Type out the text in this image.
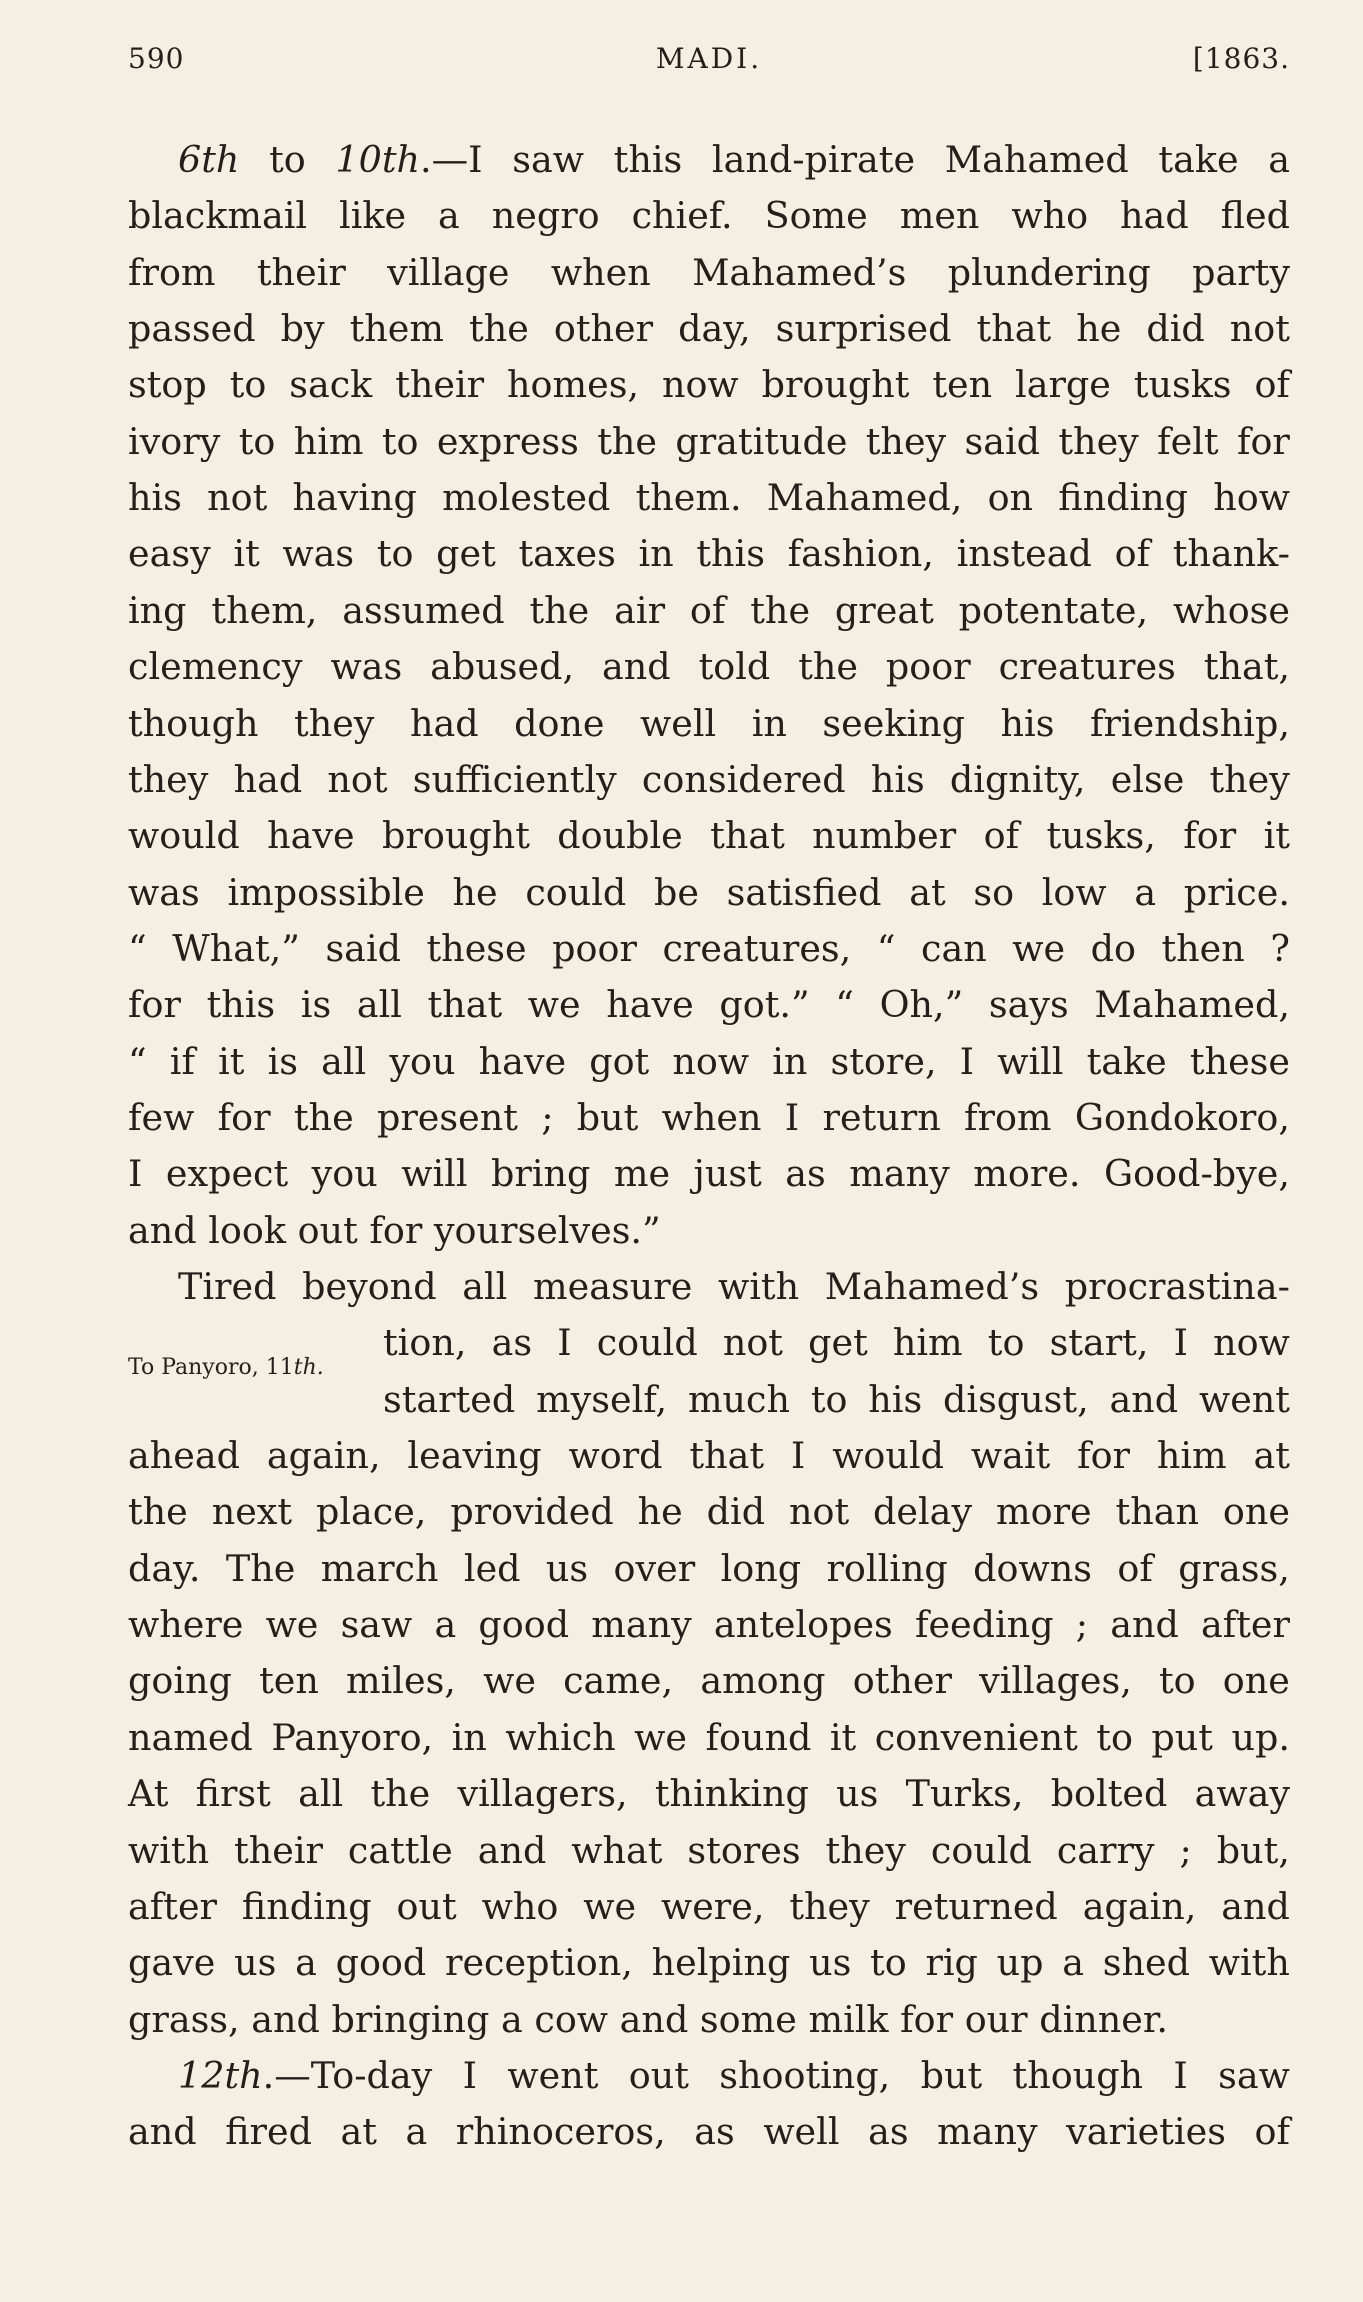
590	MADI.	[1863.
To Panyoro, 11th.
6th to 10th.—I saw this land-pirate Mahamed take a
blackmail like a negro chief. Some men who had fled
from their village when Mahamed’s plundering party
passed by them the other day, surprised that he did not
stop to sack their homes, now brought ten large tusks of
ivory to him to express the gratitude they said they felt for
his not having molested them. Mahamed, on finding how
easy it was to get taxes in this fashion, instead of thank-
ing them, assumed the air of the great potentate, whose
clemency was abused, and told the poor creatures that,
though they had done well in seeking his friendship,
they had not sufficiently considered his dignity, else they
would have brought double that number of tusks, for it
was impossible he could be satisfied at so low a price.
“ What,” said these poor creatures, “ can we do then ?
for this is all that we have got.” “ Oh,” says Mahamed,
“ if it is all you have got now in store, I will take these
few for the present ; but when I return from Gondokoro,
I expect you will bring me just as many more. Good-bye,
and look out for yourselves.”
Tired beyond all measure with Mahamed’s procrastina-
tion, as I could not get him to start, I now
started myself, much to his disgust, and went
ahead again, leaving word that I would wait for him at
the next place, provided he did not delay more than one
day. The march led us over long rolling downs of grass,
where we saw a good many antelopes feeding ; and after
going ten miles, we came, among other villages, to one
named Panyoro, in which we found it convenient to put up.
At first all the villagers, thinking us Turks, bolted away
with their cattle and what stores they could carry ; but,
after finding out who we were, they returned again, and
gave us a good reception, helping us to rig up a shed with
grass, and bringing a cow and some milk for our dinner.
12th.—To-day I went out shooting, but though I saw
and fired at a rhinoceros, as well as many varieties of
